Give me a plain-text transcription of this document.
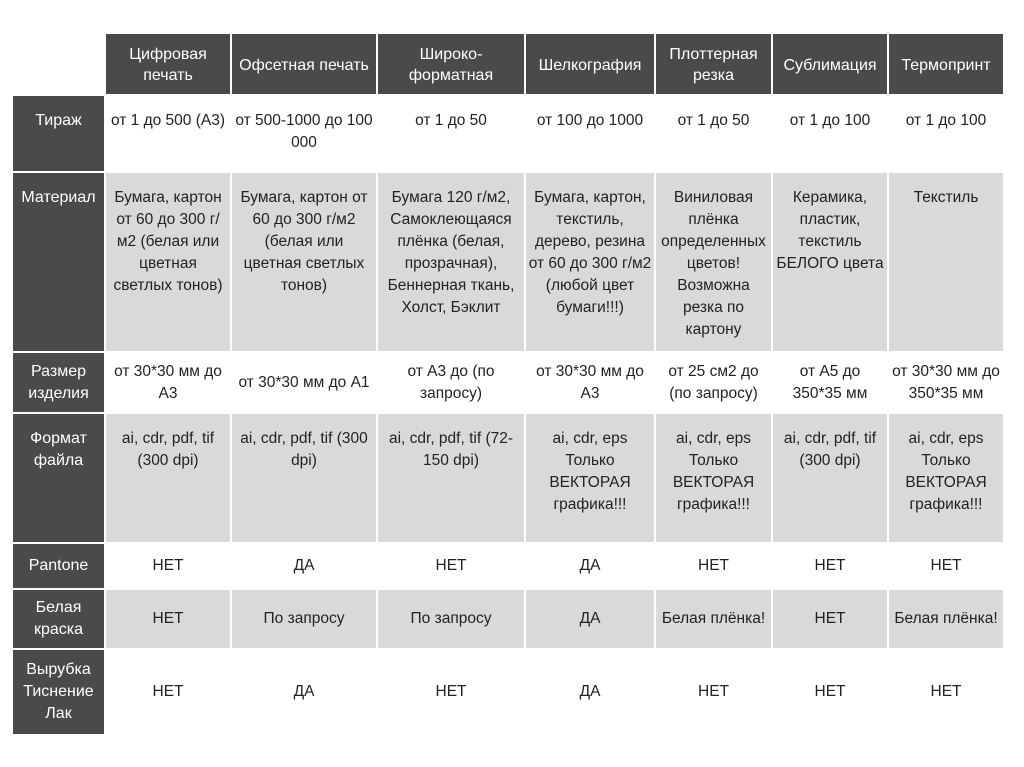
	Цифровая печать	Офсетная печать	Широко-форматная	Шелкография	Плоттерная резка	Сублимация	Термопринт
Тираж	от 1 до 500 (А3)	от 500-1000 до 100 000	от 1 до 50	от 100 до 1000	от 1 до 50	от 1 до 100	от 1 до 100
Материал	Бумага, картон от 60 до 300 г/м2 (белая или цветная светлых тонов)	Бумага, картон от 60 до 300 г/м2 (белая или цветная светлых тонов)	Бумага 120 г/м2, Самоклеющаяся плёнка (белая, прозрачная), Беннерная ткань, Холст, Бэклит	Бумага, картон, текстиль, дерево, резина от 60 до 300 г/м2 (любой цвет бумаги!!!)	Виниловая плёнка определенных цветов! Возможна резка по картону	Керамика, пластик, текстиль БЕЛОГО цвета	Текстиль
Размер изделия	от 30*30 мм до А3	от 30*30 мм до А1	от А3 до (по запросу)	от 30*30 мм до А3	от 25 см2 до (по запросу)	от А5 до 350*35 мм	от 30*30 мм до 350*35 мм
Формат файла	ai, cdr, pdf, tif (300 dpi)	ai, cdr, pdf, tif (300 dpi)	ai, cdr, pdf, tif (72-150 dpi)	ai, cdr, eps Только ВЕКТОРАЯ графика!!!	ai, cdr, eps Только ВЕКТОРАЯ графика!!!	ai, cdr, pdf, tif (300 dpi)	ai, cdr, eps Только ВЕКТОРАЯ графика!!!
Pantone	НЕТ	ДА	НЕТ	ДА	НЕТ	НЕТ	НЕТ
Белая краска	НЕТ	По запросу	По запросу	ДА	Белая плёнка!	НЕТ	Белая плёнка!
Вырубка Тиснение Лак	НЕТ	ДА	НЕТ	ДА	НЕТ	НЕТ	НЕТ
